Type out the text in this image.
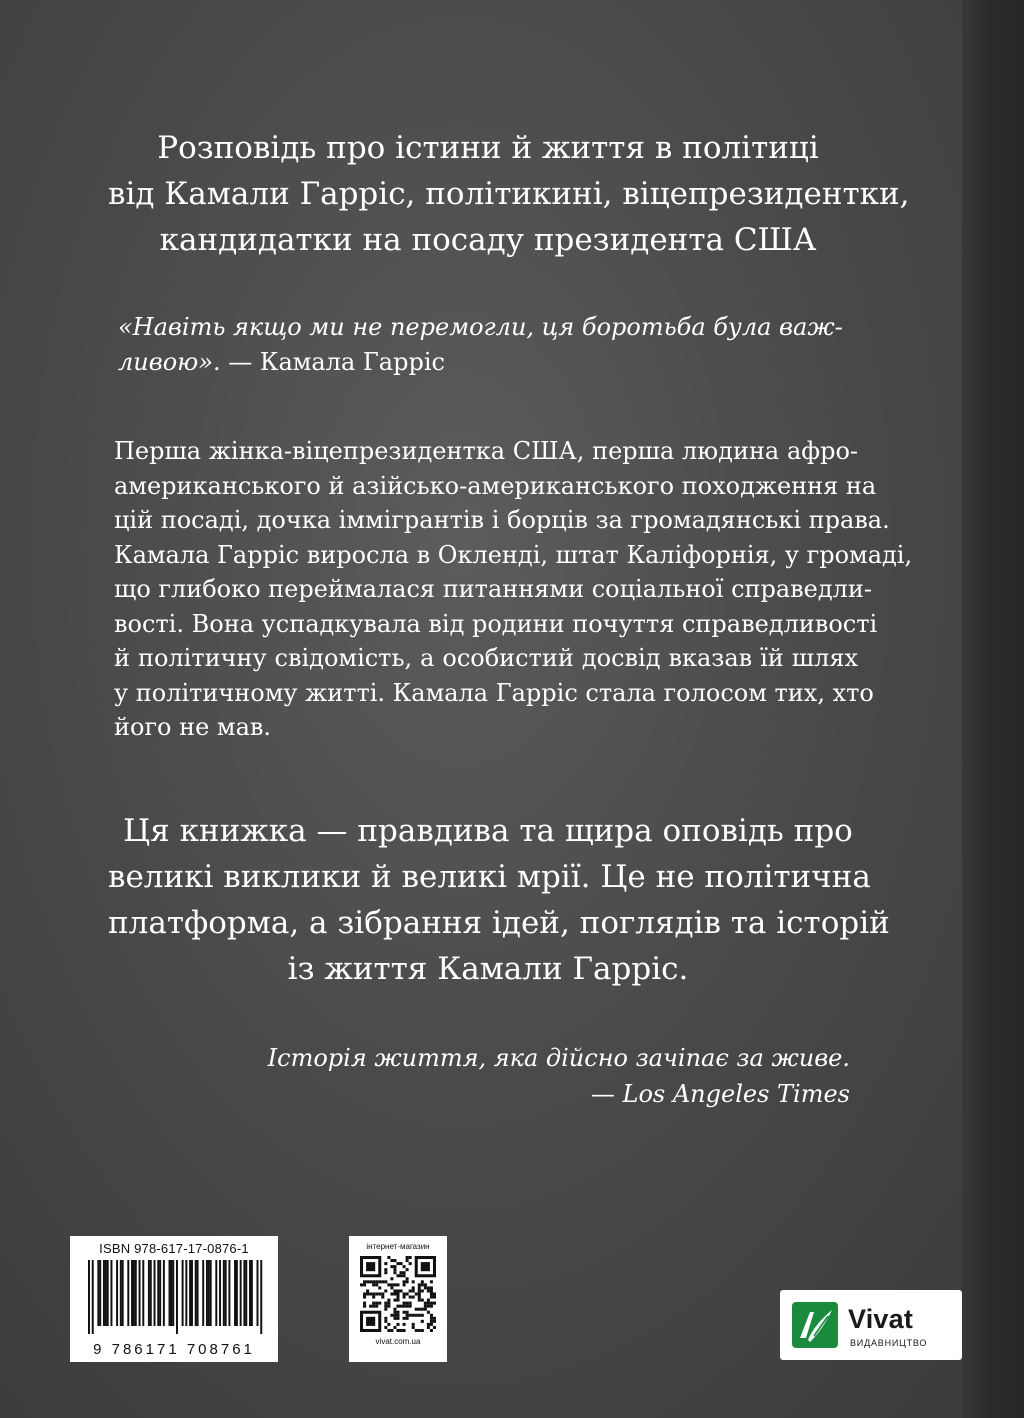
Розповідь про істини й життя в політиці
від Камали Гарріс, політикині, віцепрезидентки,
кандидатки на посаду президента США
«Навіть якщо ми не перемогли, ця боротьба була важ-
ливою». — Камала Гарріс
Перша жінка-віцепрезидентка США, перша людина афро-
американського й азійсько-американського походження на
цій посаді, дочка іммігрантів і борців за громадянські права.
Камала Гарріс виросла в Окленді, штат Каліфорнія, у громаді,
що глибоко переймалася питаннями соціальної справедли-
вості. Вона успадкувала від родини почуття справедливості
й політичну свідомість, а особистий досвід вказав їй шлях
у політичному житті. Камала Гарріс стала голосом тих, хто
його не мав.
Ця книжка — правдива та щира оповідь про
великі виклики й великі мрії. Це не політична
платформа, а зібрання ідей, поглядів та історій
із життя Камали Гарріс.
Історія життя, яка дійсно зачіпає за живе.
— Los Angeles Times
ISBN 978-617-17-0876-1
9 786171 708761
інтернет-магазин
vivat.com.ua
Vivat
ВИДАВНИЦТВО
